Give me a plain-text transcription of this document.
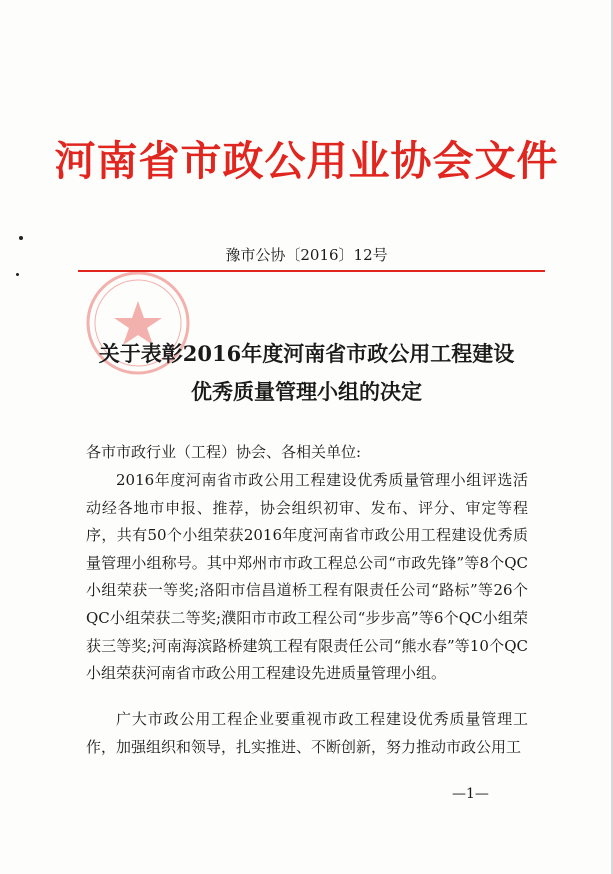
河南省市政公用业协会文件
豫市公协〔2016〕12号
关于表彰2016年度河南省市政公用工程建设
优秀质量管理小组的决定
各市市政行业（工程）协会、各相关单位:

2016年度河南省市政公用工程建设优秀质量管理小组评选活动经各地市申报、推荐，协会组织初审、发布、评分、审定等程序，共有50个小组荣获2016年度河南省市政公用工程建设优秀质量管理小组称号。其中郑州市市政工程总公司“市政先锋”等8个QC小组荣获一等奖;洛阳市信昌道桥工程有限责任公司“路标”等26个QC小组荣获二等奖;濮阳市市政工程公司“步步高”等6个QC小组荣获三等奖;河南海滨路桥建筑工程有限责任公司“熊水春”等10个QC小组荣获河南省市政公用工程建设先进质量管理小组。

广大市政公用工程企业要重视市政工程建设优秀质量管理工作，加强组织和领导，扎实推进、不断创新，努力推动市政公用工

—1—
